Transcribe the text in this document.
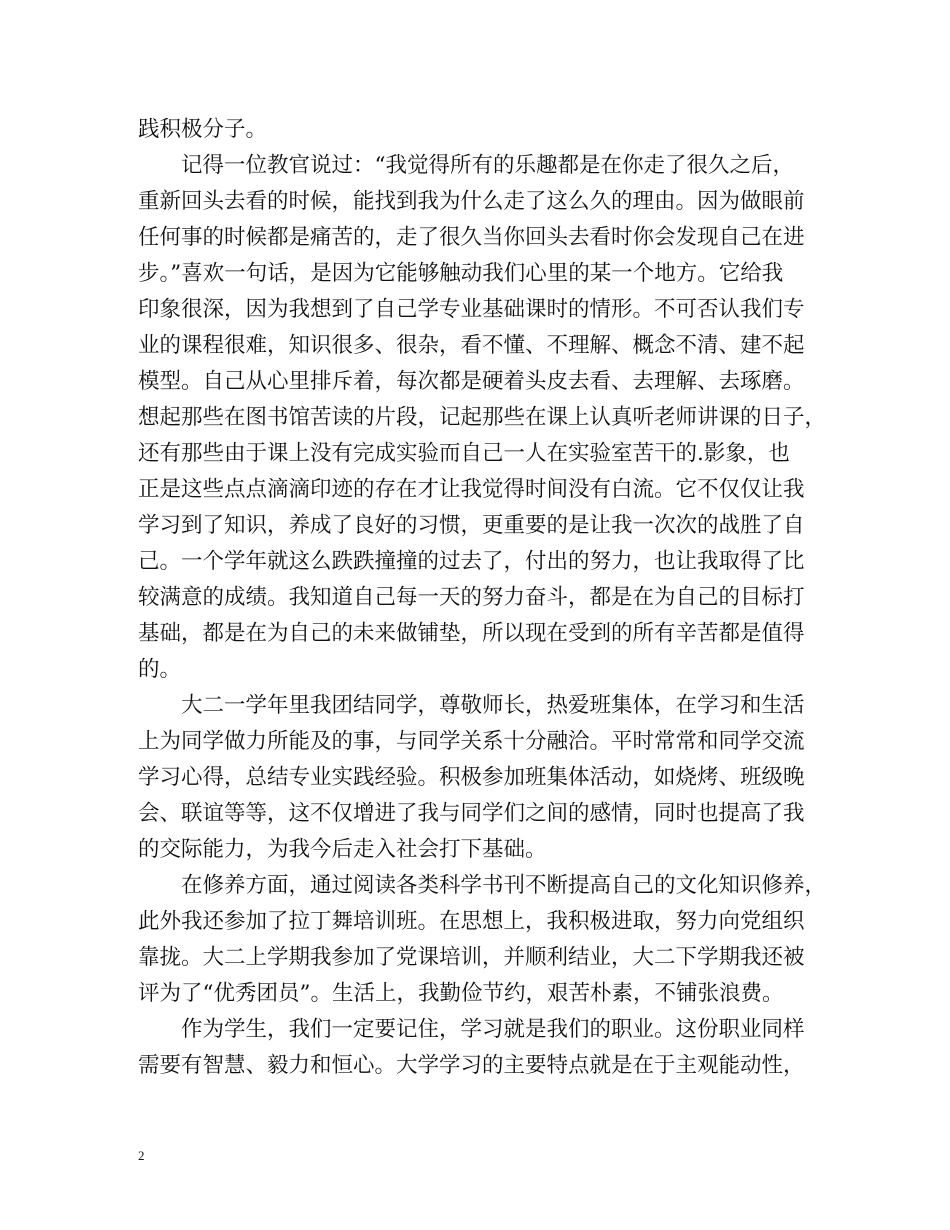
践积极分子。
　　记得一位教官说过：“我觉得所有的乐趣都是在你走了很久之后，
重新回头去看的时候，能找到我为什么走了这么久的理由。因为做眼前
任何事的时候都是痛苦的，走了很久当你回头去看时你会发现自己在进
步。”喜欢一句话，是因为它能够触动我们心里的某一个地方。它给我
印象很深，因为我想到了自己学专业基础课时的情形。不可否认我们专
业的课程很难，知识很多、很杂，看不懂、不理解、概念不清、建不起
模型。自己从心里排斥着，每次都是硬着头皮去看、去理解、去琢磨。
想起那些在图书馆苦读的片段，记起那些在课上认真听老师讲课的日子，
还有那些由于课上没有完成实验而自己一人在实验室苦干的.影象，也
正是这些点点滴滴印迹的存在才让我觉得时间没有白流。它不仅仅让我
学习到了知识，养成了良好的习惯，更重要的是让我一次次的战胜了自
己。一个学年就这么跌跌撞撞的过去了，付出的努力，也让我取得了比
较满意的成绩。我知道自己每一天的努力奋斗，都是在为自己的目标打
基础，都是在为自己的未来做铺垫，所以现在受到的所有辛苦都是值得
的。
　　大二一学年里我团结同学，尊敬师长，热爱班集体，在学习和生活
上为同学做力所能及的事，与同学关系十分融洽。平时常常和同学交流
学习心得，总结专业实践经验。积极参加班集体活动，如烧烤、班级晚
会、联谊等等，这不仅增进了我与同学们之间的感情，同时也提高了我
的交际能力，为我今后走入社会打下基础。
　　在修养方面，通过阅读各类科学书刊不断提高自己的文化知识修养，
此外我还参加了拉丁舞培训班。在思想上，我积极进取，努力向党组织
靠拢。大二上学期我参加了党课培训，并顺利结业，大二下学期我还被
评为了“优秀团员”。生活上，我勤俭节约，艰苦朴素，不铺张浪费。
　　作为学生，我们一定要记住，学习就是我们的职业。这份职业同样
需要有智慧、毅力和恒心。大学学习的主要特点就是在于主观能动性，
2
